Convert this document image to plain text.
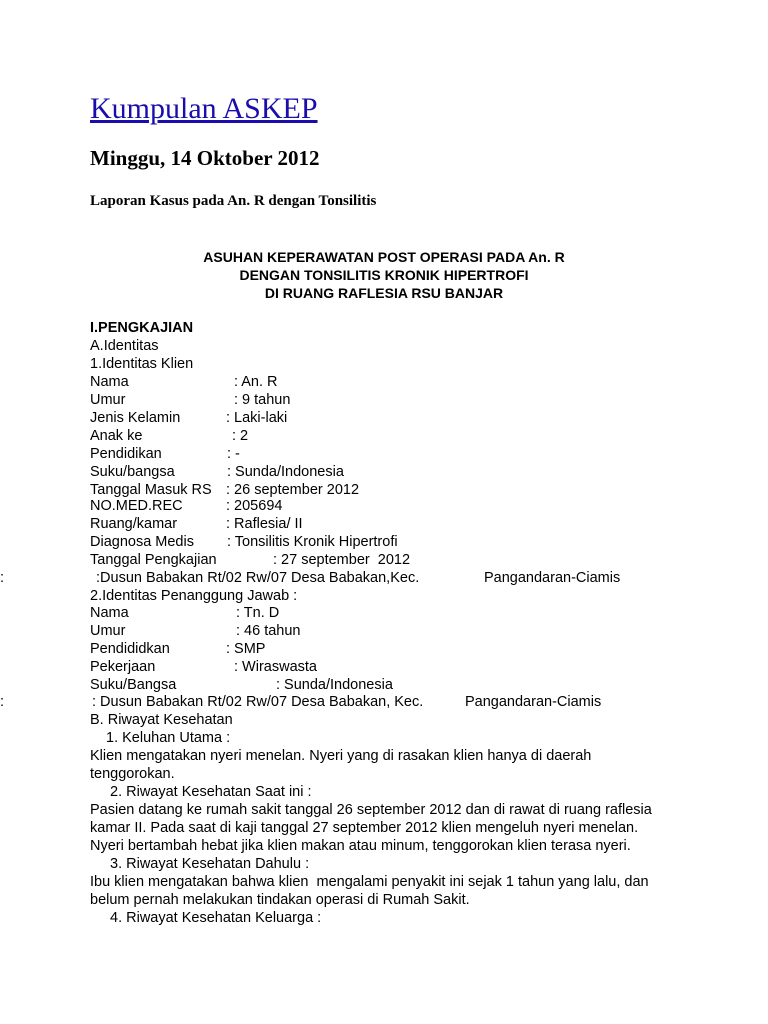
Kumpulan ASKEP
Minggu, 14 Oktober 2012
Laporan Kasus pada An. R dengan Tonsilitis
ASUHAN KEPERAWATAN POST OPERASI PADA An. R
DENGAN TONSILITIS KRONIK HIPERTROFI
DI RUANG RAFLESIA RSU BANJAR
I.PENGKAJIAN
A.Identitas
1.Identitas Klien
Nama	: An. R
Umur	: 9 tahun
Jenis Kelamin	: Laki-laki
Anak ke	: 2
Pendidikan	: -
Suku/bangsa	: Sunda/Indonesia
Tanggal Masuk RS : 26 september 2012
NO.MED.REC	: 205694
Ruang/kamar	: Raflesia/ II
Diagnosa Medis : Tonsilitis Kronik Hipertrofi
Tanggal Pengkajian	: 27 september  2012
:	:Dusun Babakan Rt/02 Rw/07 Desa Babakan,Kec.	Pangandaran-Ciamis
2.Identitas Penanggung Jawab :
Nama	: Tn. D
Umur	: 46 tahun
Pendididkan	: SMP
Pekerjaan	: Wiraswasta
Suku/Bangsa	: Sunda/Indonesia
:	: Dusun Babakan Rt/02 Rw/07 Desa Babakan, Kec.	Pangandaran-Ciamis
B. Riwayat Kesehatan
1. Keluhan Utama :
Klien mengatakan nyeri menelan. Nyeri yang di rasakan klien hanya di daerah
tenggorokan.
2. Riwayat Kesehatan Saat ini :
Pasien datang ke rumah sakit tanggal 26 september 2012 dan di rawat di ruang raflesia
kamar II. Pada saat di kaji tanggal 27 september 2012 klien mengeluh nyeri menelan.
Nyeri bertambah hebat jika klien makan atau minum, tenggorokan klien terasa nyeri.
3. Riwayat Kesehatan Dahulu :
Ibu klien mengatakan bahwa klien  mengalami penyakit ini sejak 1 tahun yang lalu, dan
belum pernah melakukan tindakan operasi di Rumah Sakit.
4. Riwayat Kesehatan Keluarga :
